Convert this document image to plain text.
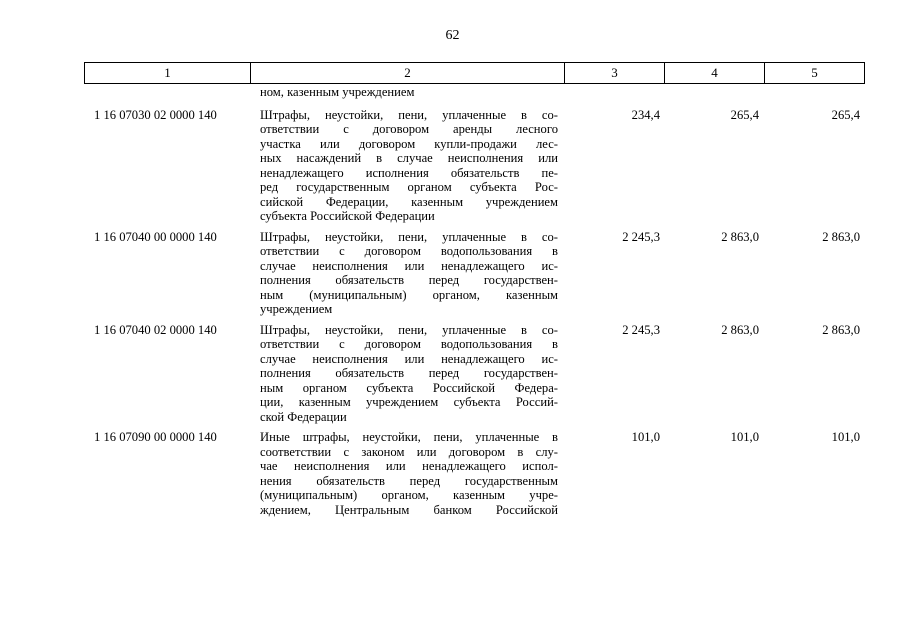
62
1	2	3	4	5
ном, казенным учреждением
1 16 07030 02 0000 140	Штрафы, неустойки, пени, уплаченные в со-
ответствии с договором аренды лесного
участка или договором купли-продажи лес-
ных насаждений в случае неисполнения или
ненадлежащего исполнения обязательств пе-
ред государственным органом субъекта Рос-
сийской Федерации, казенным учреждением
субъекта Российской Федерации
234,4	265,4	265,4
1 16 07040 00 0000 140	Штрафы, неустойки, пени, уплаченные в со-
ответствии с договором водопользования в
случае неисполнения или ненадлежащего ис-
полнения обязательств перед государствен-
ным (муниципальным) органом, казенным
учреждением
2 245,3	2 863,0	2 863,0
1 16 07040 02 0000 140	Штрафы, неустойки, пени, уплаченные в со-
ответствии с договором водопользования в
случае неисполнения или ненадлежащего ис-
полнения обязательств перед государствен-
ным органом субъекта Российской Федера-
ции, казенным учреждением субъекта Россий-
ской Федерации
2 245,3	2 863,0	2 863,0
1 16 07090 00 0000 140	Иные штрафы, неустойки, пени, уплаченные в
соответствии с законом или договором в слу-
чае неисполнения или ненадлежащего испол-
нения обязательств перед государственным
(муниципальным) органом, казенным учре-
ждением, Центральным банком Российской
101,0	101,0	101,0
